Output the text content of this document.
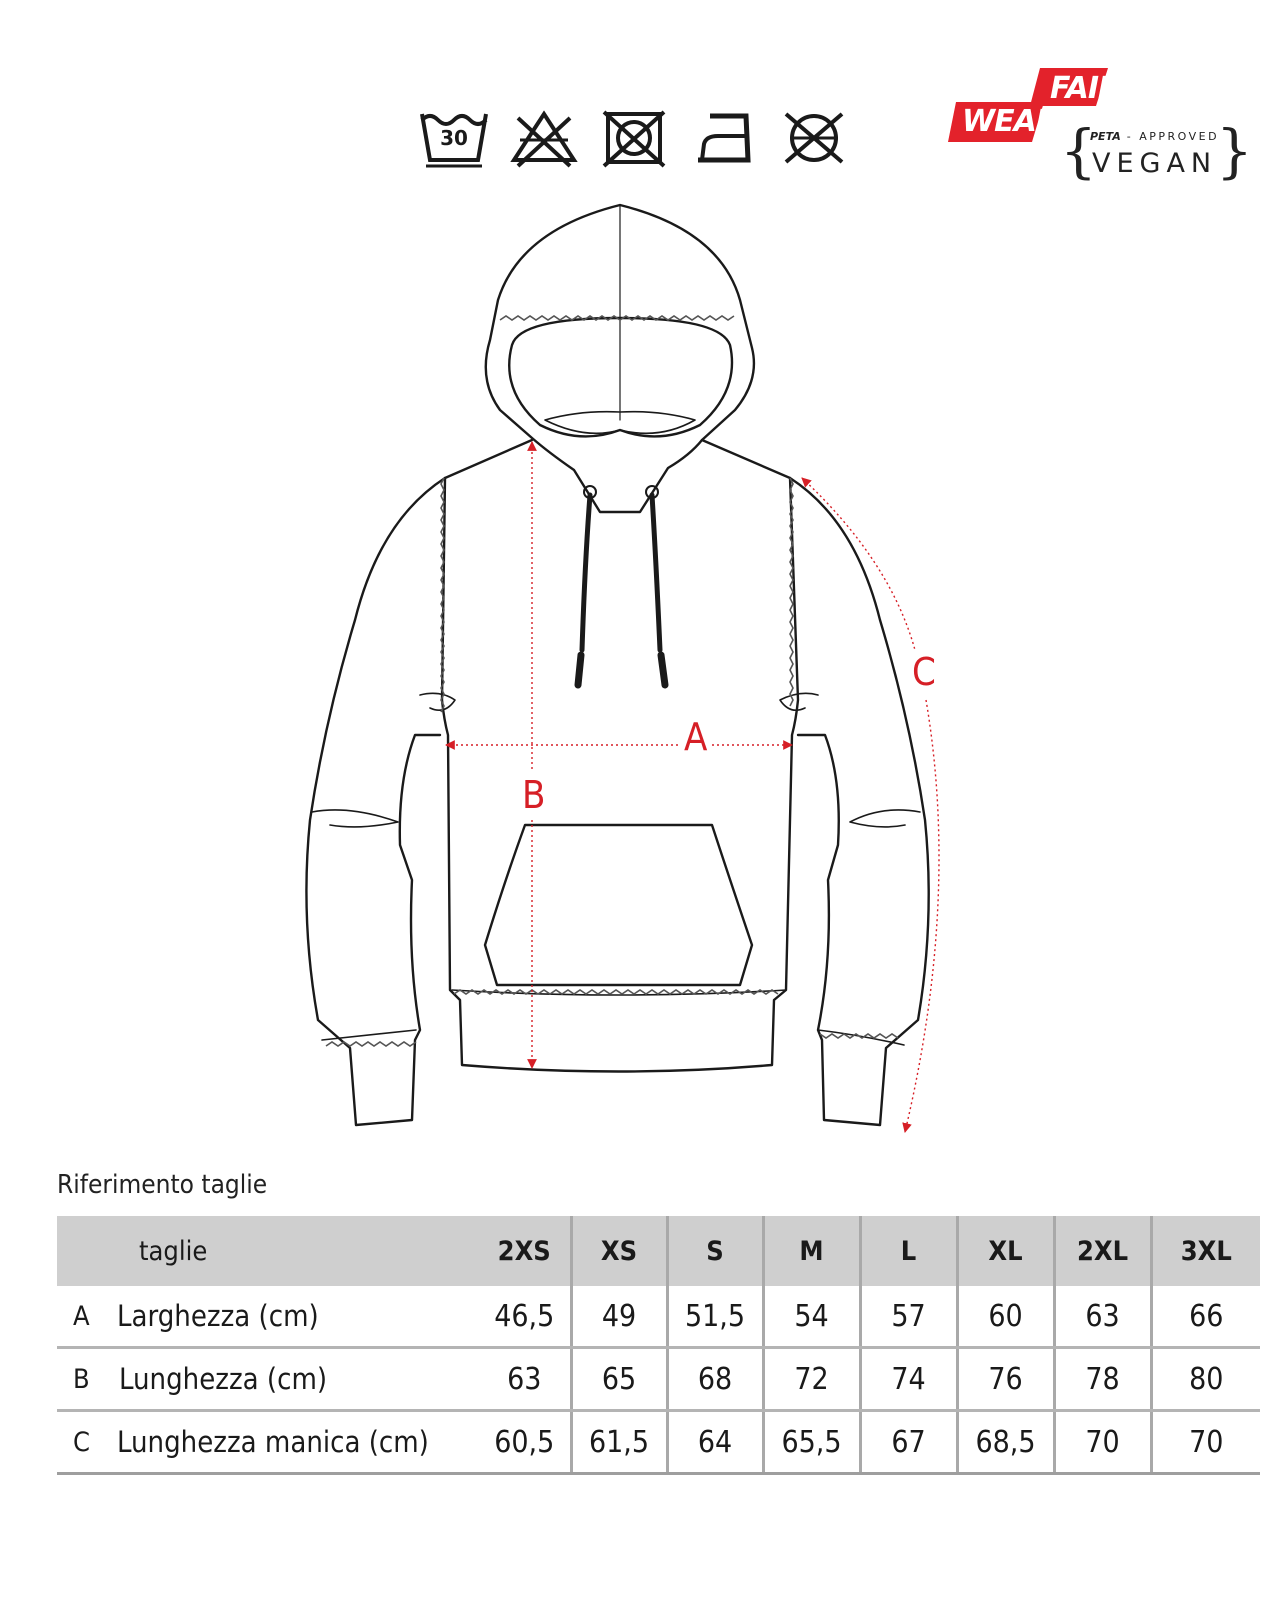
30
FAIR
WEAR {
PETA - APPROVED
VEGAN
}
A
B
C
Riferimento taglie
taglie		2XS	XS	S	M	L	XL	2XL	3XL
A	Larghezza (cm)	46,5	49	51,5	54	57	60	63	66
B	Lunghezza (cm)	63	65	68	72	74	76	78	80
C	Lunghezza manica (cm)	60,5	61,5	64	65,5	67	68,5	70	70
